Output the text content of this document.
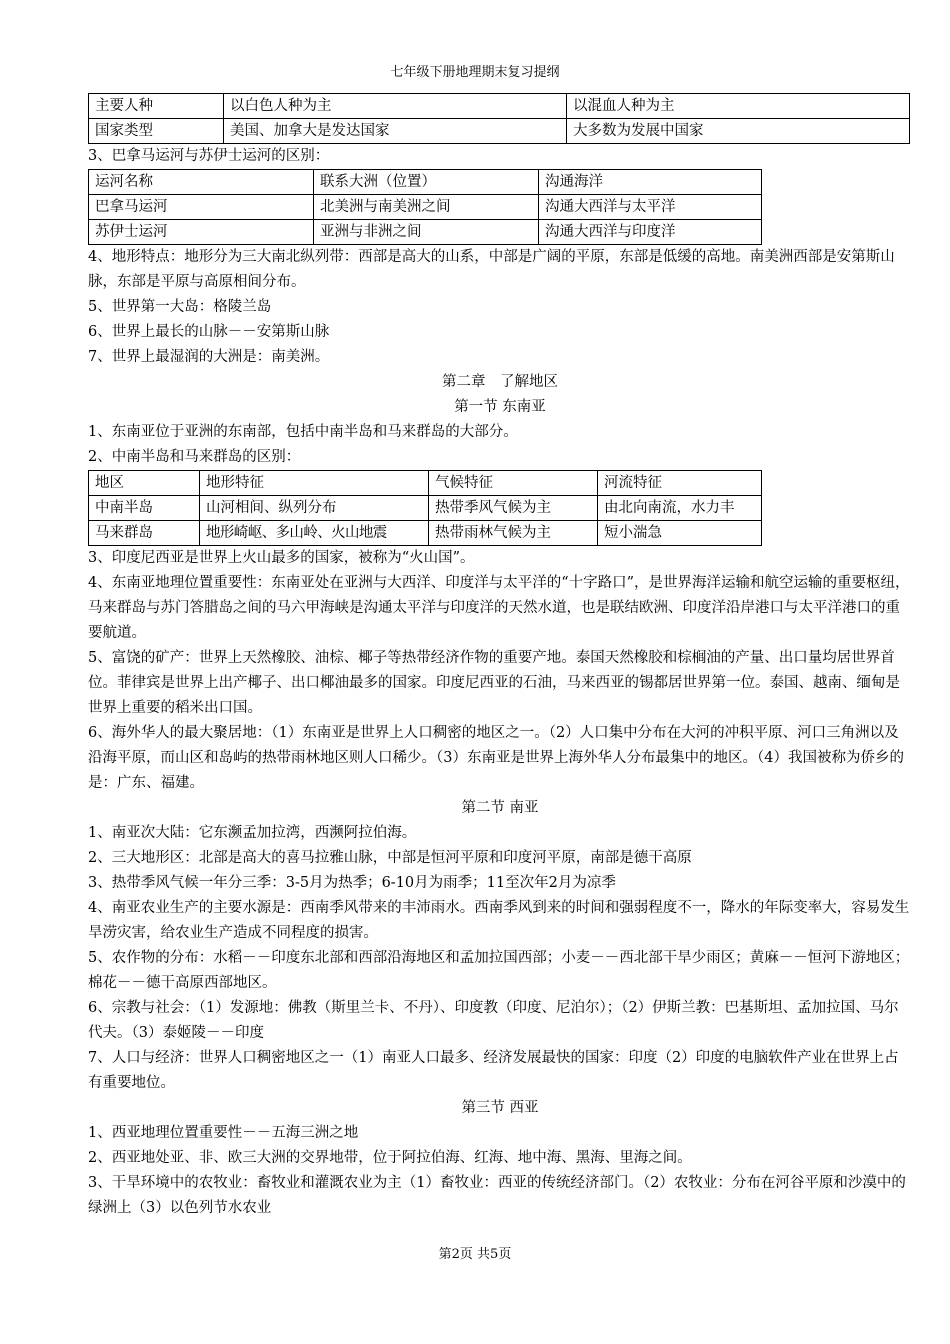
七年级下册地理期末复习提纲
主要人种	以白色人种为主	以混血人种为主
国家类型	美国、加拿大是发达国家	大多数为发展中国家

3、巴拿马运河与苏伊士运河的区别：

运河名称	联系大洲（位置）	沟通海洋
巴拿马运河	北美洲与南美洲之间	沟通大西洋与太平洋
苏伊士运河	亚洲与非洲之间	沟通大西洋与印度洋

4、地形特点：地形分为三大南北纵列带：西部是高大的山系，中部是广阔的平原，东部是低缓的高地。南美洲西部是安第斯山脉，东部是平原与高原相间分布。

5、世界第一大岛：格陵兰岛

6、世界上最长的山脉－－安第斯山脉

7、世界上最湿润的大洲是：南美洲。

第二章　了解地区

第一节 东南亚

1、东南亚位于亚洲的东南部，包括中南半岛和马来群岛的大部分。

2、中南半岛和马来群岛的区别：

地区	地形特征	气候特征	河流特征
中南半岛	山河相间、纵列分布	热带季风气候为主	由北向南流，水力丰
马来群岛	地形崎岖、多山岭、火山地震	热带雨林气候为主	短小湍急

3、印度尼西亚是世界上火山最多的国家，被称为“火山国”。

4、东南亚地理位置重要性：东南亚处在亚洲与大西洋、印度洋与太平洋的“十字路口”，是世界海洋运输和航空运输的重要枢纽，马来群岛与苏门答腊岛之间的马六甲海峡是沟通太平洋与印度洋的天然水道，也是联结欧洲、印度洋沿岸港口与太平洋港口的重要航道。

5、富饶的矿产：世界上天然橡胶、油棕、椰子等热带经济作物的重要产地。泰国天然橡胶和棕榈油的产量、出口量均居世界首位。菲律宾是世界上出产椰子、出口椰油最多的国家。印度尼西亚的石油，马来西亚的锡都居世界第一位。泰国、越南、缅甸是世界上重要的稻米出口国。

6、海外华人的最大聚居地：（1）东南亚是世界上人口稠密的地区之一。（2）人口集中分布在大河的冲积平原、河口三角洲以及沿海平原，而山区和岛屿的热带雨林地区则人口稀少。（3）东南亚是世界上海外华人分布最集中的地区。（4）我国被称为侨乡的是：广东、福建。

第二节 南亚

1、南亚次大陆：它东濒孟加拉湾，西濒阿拉伯海。

2、三大地形区：北部是高大的喜马拉雅山脉，中部是恒河平原和印度河平原，南部是德干高原

3、热带季风气候一年分三季：3-5月为热季；6-10月为雨季；11至次年2月为凉季

4、南亚农业生产的主要水源是：西南季风带来的丰沛雨水。西南季风到来的时间和强弱程度不一，降水的年际变率大，容易发生旱涝灾害，给农业生产造成不同程度的损害。

5、农作物的分布：水稻－－印度东北部和西部沿海地区和孟加拉国西部；小麦－－西北部干旱少雨区；黄麻－－恒河下游地区；棉花－－德干高原西部地区。

6、宗教与社会：（1）发源地：佛教（斯里兰卡、不丹）、印度教（印度、尼泊尔）；（2）伊斯兰教：巴基斯坦、孟加拉国、马尔代夫。（3）泰姬陵－－印度

7、人口与经济：世界人口稠密地区之一（1）南亚人口最多、经济发展最快的国家：印度（2）印度的电脑软件产业在世界上占有重要地位。

第三节 西亚

1、西亚地理位置重要性－－五海三洲之地

2、西亚地处亚、非、欧三大洲的交界地带，位于阿拉伯海、红海、地中海、黑海、里海之间。

3、干旱环境中的农牧业：畜牧业和灌溉农业为主（1）畜牧业：西亚的传统经济部门。（2）农牧业：分布在河谷平原和沙漠中的绿洲上（3）以色列节水农业

第2页 共5页
